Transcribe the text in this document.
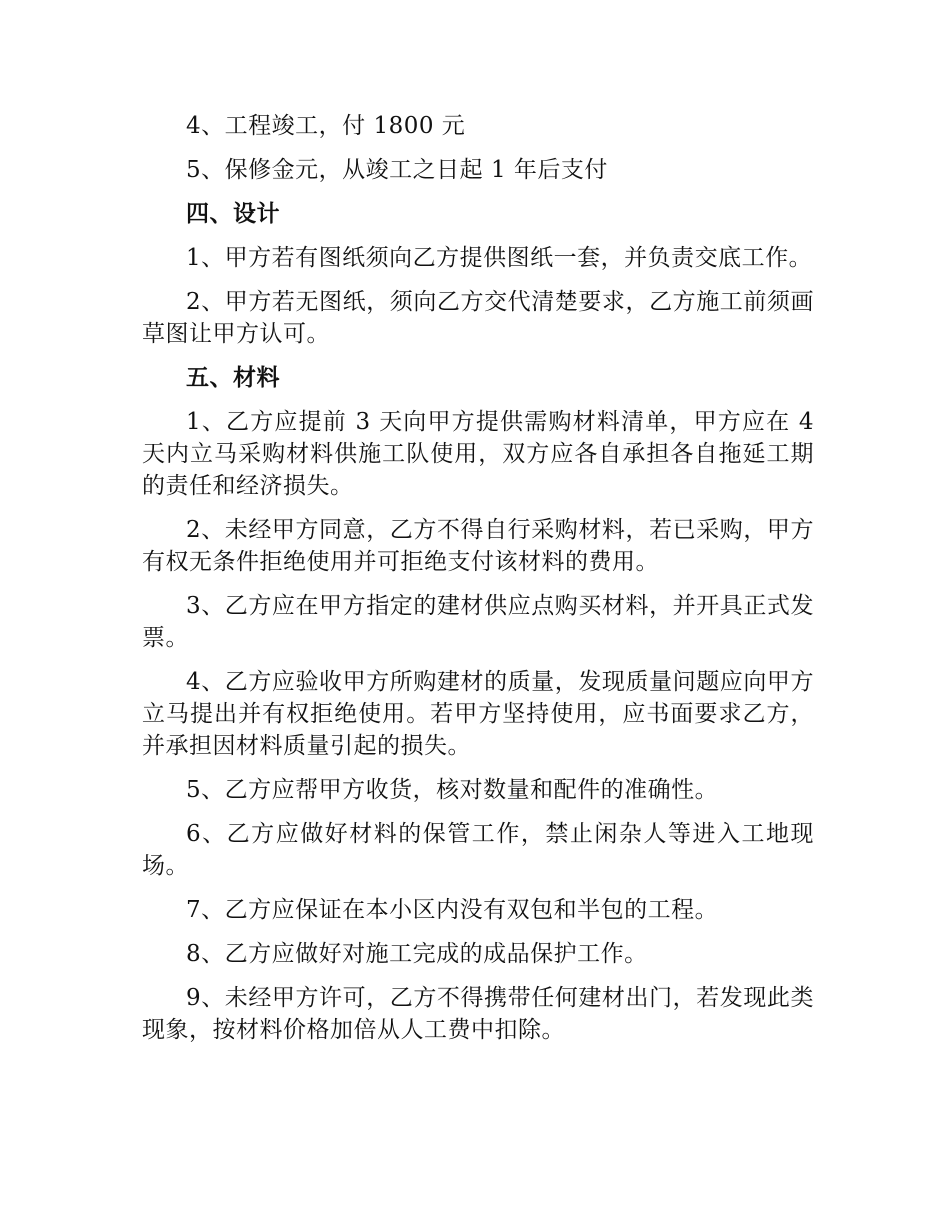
4、工程竣工，付 1800 元

5、保修金元，从竣工之日起 1 年后支付

四、设计

1、甲方若有图纸须向乙方提供图纸一套，并负责交底工作。

2、甲方若无图纸，须向乙方交代清楚要求，乙方施工前须画草图让甲方认可。

五、材料

1、乙方应提前 3 天向甲方提供需购材料清单，甲方应在 4 天内立马采购材料供施工队使用，双方应各自承担各自拖延工期的责任和经济损失。

2、未经甲方同意，乙方不得自行采购材料，若已采购，甲方有权无条件拒绝使用并可拒绝支付该材料的费用。

3、乙方应在甲方指定的建材供应点购买材料，并开具正式发票。

4、乙方应验收甲方所购建材的质量，发现质量问题应向甲方立马提出并有权拒绝使用。若甲方坚持使用，应书面要求乙方，并承担因材料质量引起的损失。

5、乙方应帮甲方收货，核对数量和配件的准确性。

6、乙方应做好材料的保管工作，禁止闲杂人等进入工地现场。

7、乙方应保证在本小区内没有双包和半包的工程。

8、乙方应做好对施工完成的成品保护工作。

9、未经甲方许可，乙方不得携带任何建材出门，若发现此类现象，按材料价格加倍从人工费中扣除。
